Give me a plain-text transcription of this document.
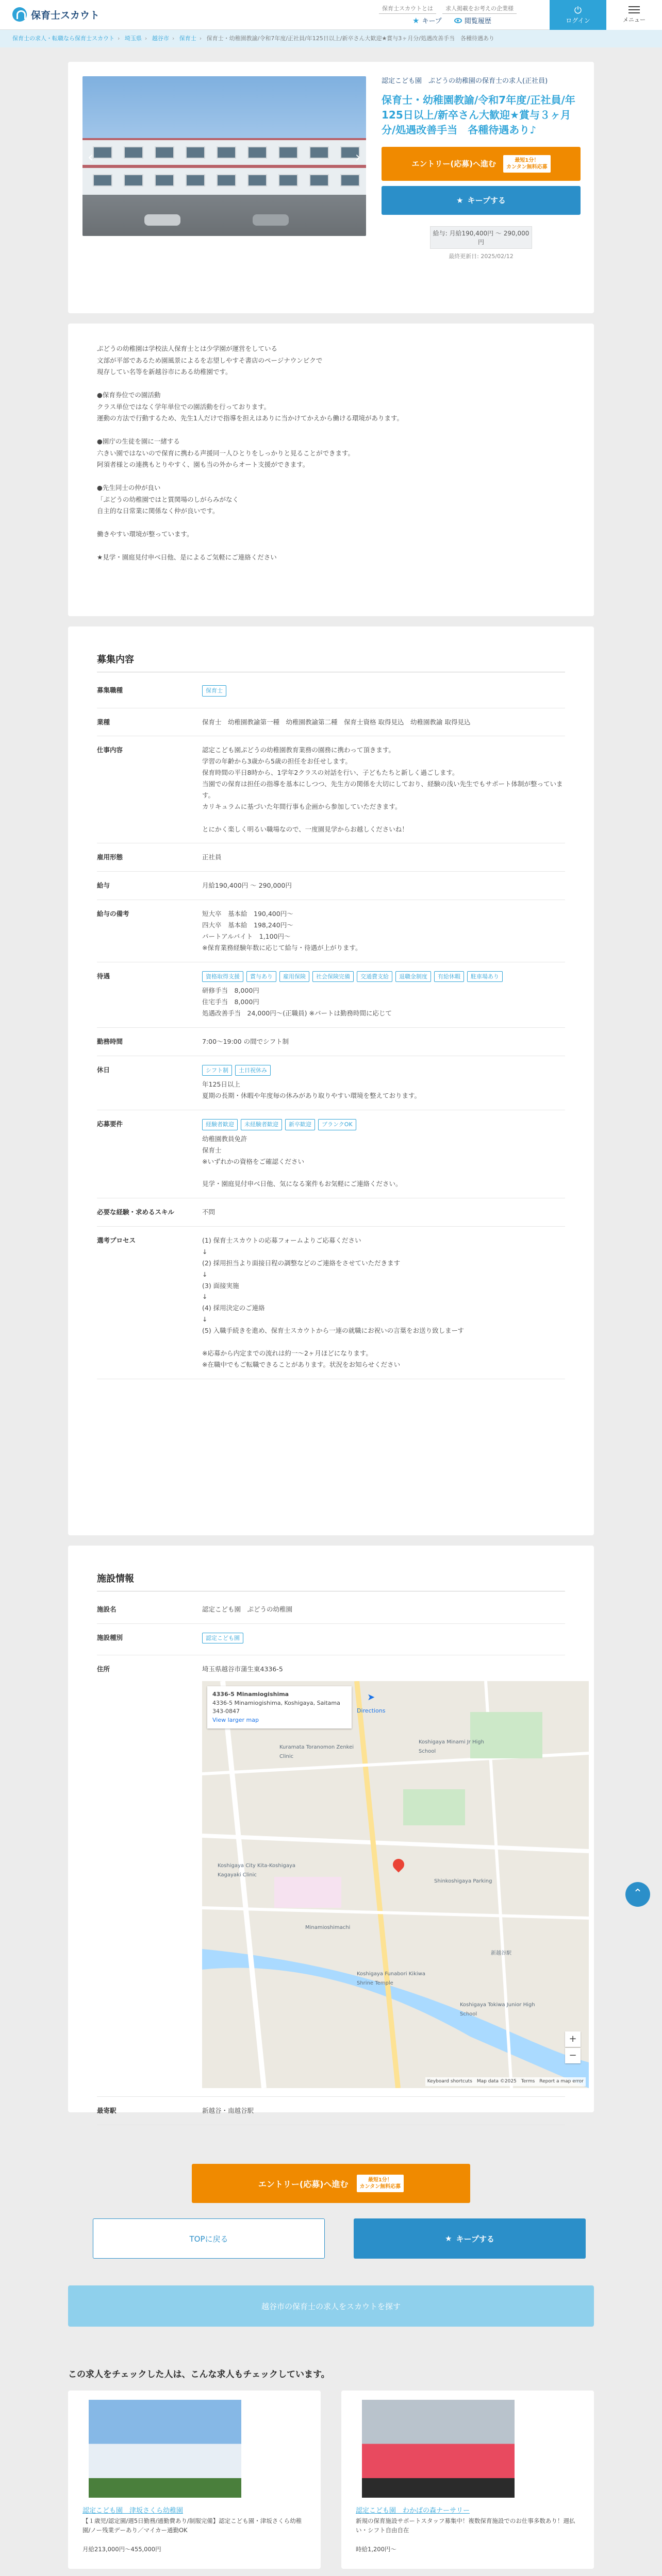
保育士スカウト
保育士スカウトとは	求人掲載をお考えの企業様
★ キープ	閲覧履歴
⏻
ログイン	メニュー
保育士の求人・転職なら保育士スカウト › 埼玉県 › 越谷市 › 保育士 › 保育士・幼稚園教諭/令和7年度/正社員/年125日以上/新卒さん大歓迎★賞与3ヶ月分/処遇改善手当　各種待遇あり
‹	›
認定こども園　ぷどうの幼稚園の保育士の求人(正社員)
保育士・幼稚園教諭/令和7年度/正社員/年125日以上/新卒さん大歓迎★賞与３ヶ月分/処遇改善手当　各種待遇あり♪
エントリー(応募)へ進む	最短1分！
カンタン無料応募
★ キープする
給与: 月給190,400円 〜 290,000円
最終更新日: 2025/02/12

ぷどうの幼稚園は学校法人保育士とは少学園が運営をしている
文部が平部であるため園風景によるを志望しやすそ書店のページナウンビクで
現存してい名等を新越谷市にある幼稚園です。

●保育券位での園活動
クラス単位ではなく学年単位での園活動を行っております。
運動の方法で行動するため、先生1人だけで指導を担えはありに当かけてかえから働ける環境があります。

●園庁の生徒を園に一緒する
六きい園ではないので保育に携わる声援同一人ひとりをしっかりと見ることができます。
阿須者様との連携もとりやすく、園も当の外からオート支援ができます。

●先生同士の仲が良い
「ぷどうの幼稚園ではと質関場のしがらみがなく
自主的な日常業に関係なく仲が良いです。

働きやすい環境が整っています。

★見学・園庭見付申べ日他、是によるご気軽にご連絡ください

募集内容
募集職種	保育士
業種	保育士　幼稚園教諭第一種　幼稚園教諭第二種　保育士資格 取得見込　幼稚園教諭 取得見込
仕事内容	認定こども園ぷどうの幼稚園教育業務の園務に携わって頂きます。
学習の年齢から3歳から5歳の担任をお任せします。
保育時間の平日8時から、1学年2クラスの対話を行い、子どもたちと新しく過ごします。
当園での保育は担任の指導を基本にしつつ、先生方の関係を大切にしており、経験の浅い先生でもサポート体制が整っています。
カリキュラムに基づいた年間行事も企画から参加していただきます。

とにかく楽しく明るい職場なので、一度園見学からお越しくださいね！
雇用形態	正社員
給与	月給190,400円 〜 290,000円
給与の備考	短大卒　基本給　190,400円〜
四大卒　基本給　198,240円〜
パートアルバイト　1,100円〜
※保育業務経験年数に応じて給与・待遇が上がります。
待遇	資格取得支援 賞与あり 雇用保険 社会保険完備 交通費支給 退職金制度 有給休暇 駐車場あり
研修手当　8,000円
住宅手当　8,000円
処遇改善手当　24,000円〜(正職員) ※パートは勤務時間に応じて
勤務時間	7:00〜19:00 の間でシフト制
休日	シフト制 土日祝休み
年125日以上
夏期の長期・休暇や年度毎の休みがあり取りやすい環境を整えております。
応募要件	経験者歓迎 未経験者歓迎 新卒歓迎 ブランクOK
幼稚園教員免許
保育士
※いずれかの資格をご確認ください

見学・園庭見付申べ日他、気になる案件もお気軽にご連絡ください。
必要な経験・求めるスキル	不問
選考プロセス	(1) 保育士スカウトの応募フォームよりご応募ください
↓
(2) 採用担当より面接日程の調整などのご連絡をさせていただきます
↓
(3) 面接実施
↓
(4) 採用決定のご連絡
↓
(5) 入職手続きを進め、保育士スカウトから一連の就職にお祝いの言葉をお送り致しまーす

※応募から内定までの流れは約一〜2ヶ月ほどになります。
※在職中でもご転職できることがあります。状況をお知らせください
施設情報
施設名	認定こども園　ぷどうの幼稚園
施設種別	認定こども園
住所	埼玉県越谷市蒲生東4336-5
4336-5 Minamiogishima
4336-5 Minamiogishima, Koshigaya, Saitama 343-0847
View larger map
➤
Directions
+
−
Keyboard shortcuts　Map data ©2025　Terms　Report a map error
Kuramata Toranomon Zenkei Clinic
Koshigaya Minami Jr High School
Koshigaya City Kita-Koshigaya Kagayaki Clinic
Shinkoshigaya Parking
Minamioshimachi
新越谷駅
Koshigaya Funabori Kikiwa Shrine Temple
Koshigaya Tokiwa Junior High School
最寄駅	新越谷・南越谷駅
エントリー(応募)へ進む	最短1分！
カンタン無料応募
TOPに戻る	★ キープする
越谷市の保育士の求人をスカウトを探す
この求人をチェックした人は、こんな求人もチェックしています。
認定こども園　津坂さくら幼稚園
【１歳児/認定園/週5日勤務/通勤費あり/制服完備】認定こども園・津坂さくら幼稚園/ノー残業デーあり／マイカー通勤OK
月給213,000円〜455,000円
認定こども園　わかばの森ナーサリー
新規の保育施設サポートスタッフ募集中！複数保育施設でのお仕事多数あり！週払い・シフト自由自在
時給1,200円〜
⌃
